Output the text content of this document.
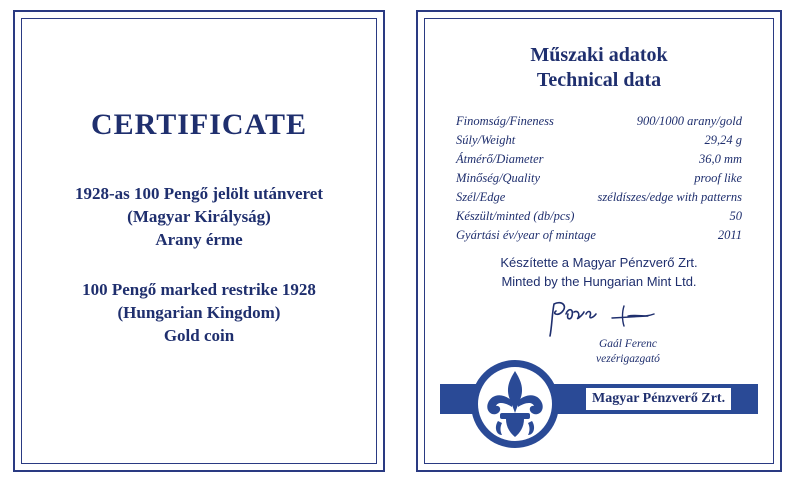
CERTIFICATE
1928-as 100 Pengő jelölt utánveret
(Magyar Királyság)
Arany érme
100 Pengő marked restrike 1928
(Hungarian Kingdom)
Gold coin
Műszaki adatok
Technical data
Finomság/Fineness	900/1000 arany/gold
Súly/Weight	29,24 g
Átmérő/Diameter	36,0 mm
Minőség/Quality	proof like
Szél/Edge	széldíszes/edge with patterns
Készült/minted (db/pcs)	50
Gyártási év/year of mintage	2011
Készítette a Magyar Pénzverő Zrt.
Minted by the Hungarian Mint Ltd.
Gaál Ferenc
vezérigazgató
Magyar Pénzverő Zrt.
